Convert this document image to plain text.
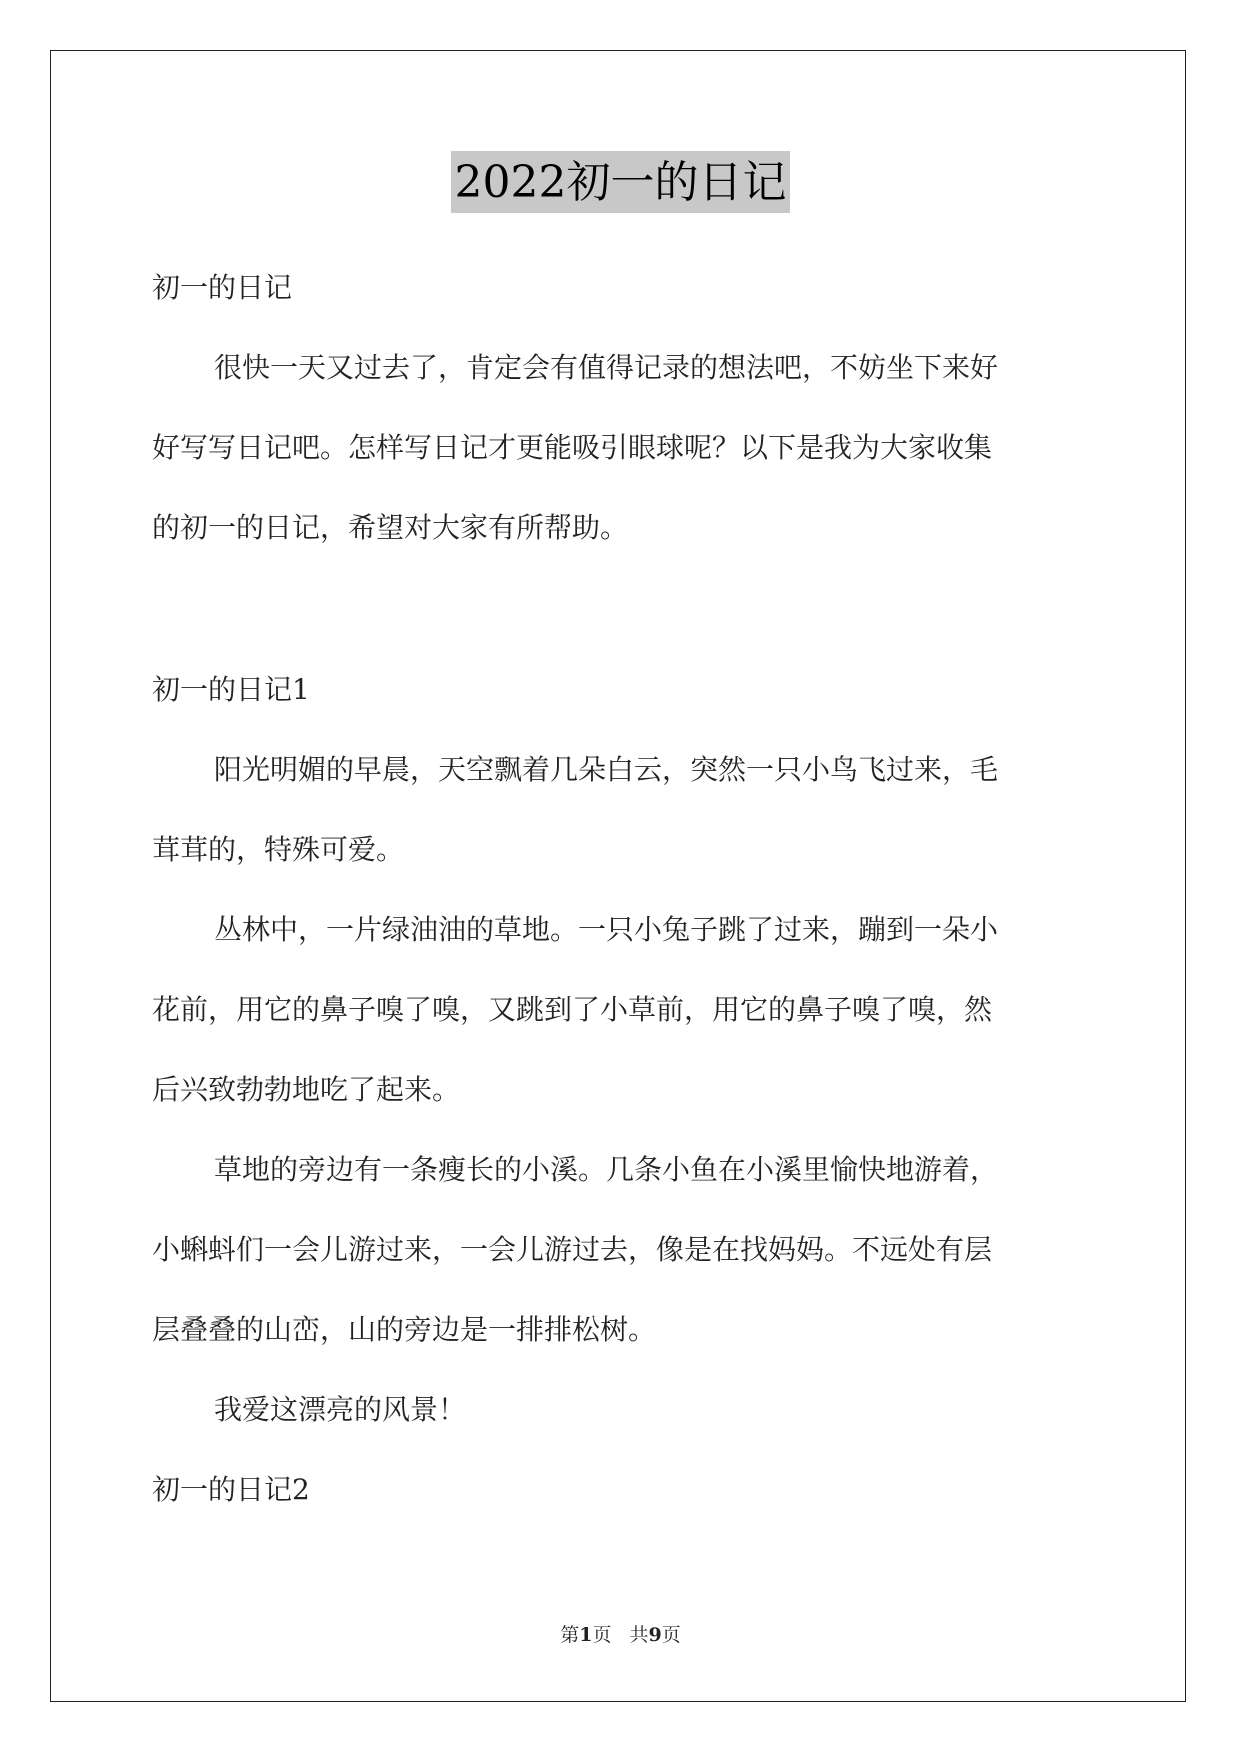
2022初一的日记
初一的日记
很快一天又过去了，肯定会有值得记录的想法吧，不妨坐下来好
好写写日记吧。怎样写日记才更能吸引眼球呢？以下是我为大家收集
的初一的日记，希望对大家有所帮助。
初一的日记1
阳光明媚的早晨，天空飘着几朵白云，突然一只小鸟飞过来，毛
茸茸的，特殊可爱。
丛林中，一片绿油油的草地。一只小兔子跳了过来，蹦到一朵小
花前，用它的鼻子嗅了嗅，又跳到了小草前，用它的鼻子嗅了嗅，然
后兴致勃勃地吃了起来。
草地的旁边有一条瘦长的小溪。几条小鱼在小溪里愉快地游着，
小蝌蚪们一会儿游过来，一会儿游过去，像是在找妈妈。不远处有层
层叠叠的山峦，山的旁边是一排排松树。
我爱这漂亮的风景！
初一的日记2
第1页 共9页
